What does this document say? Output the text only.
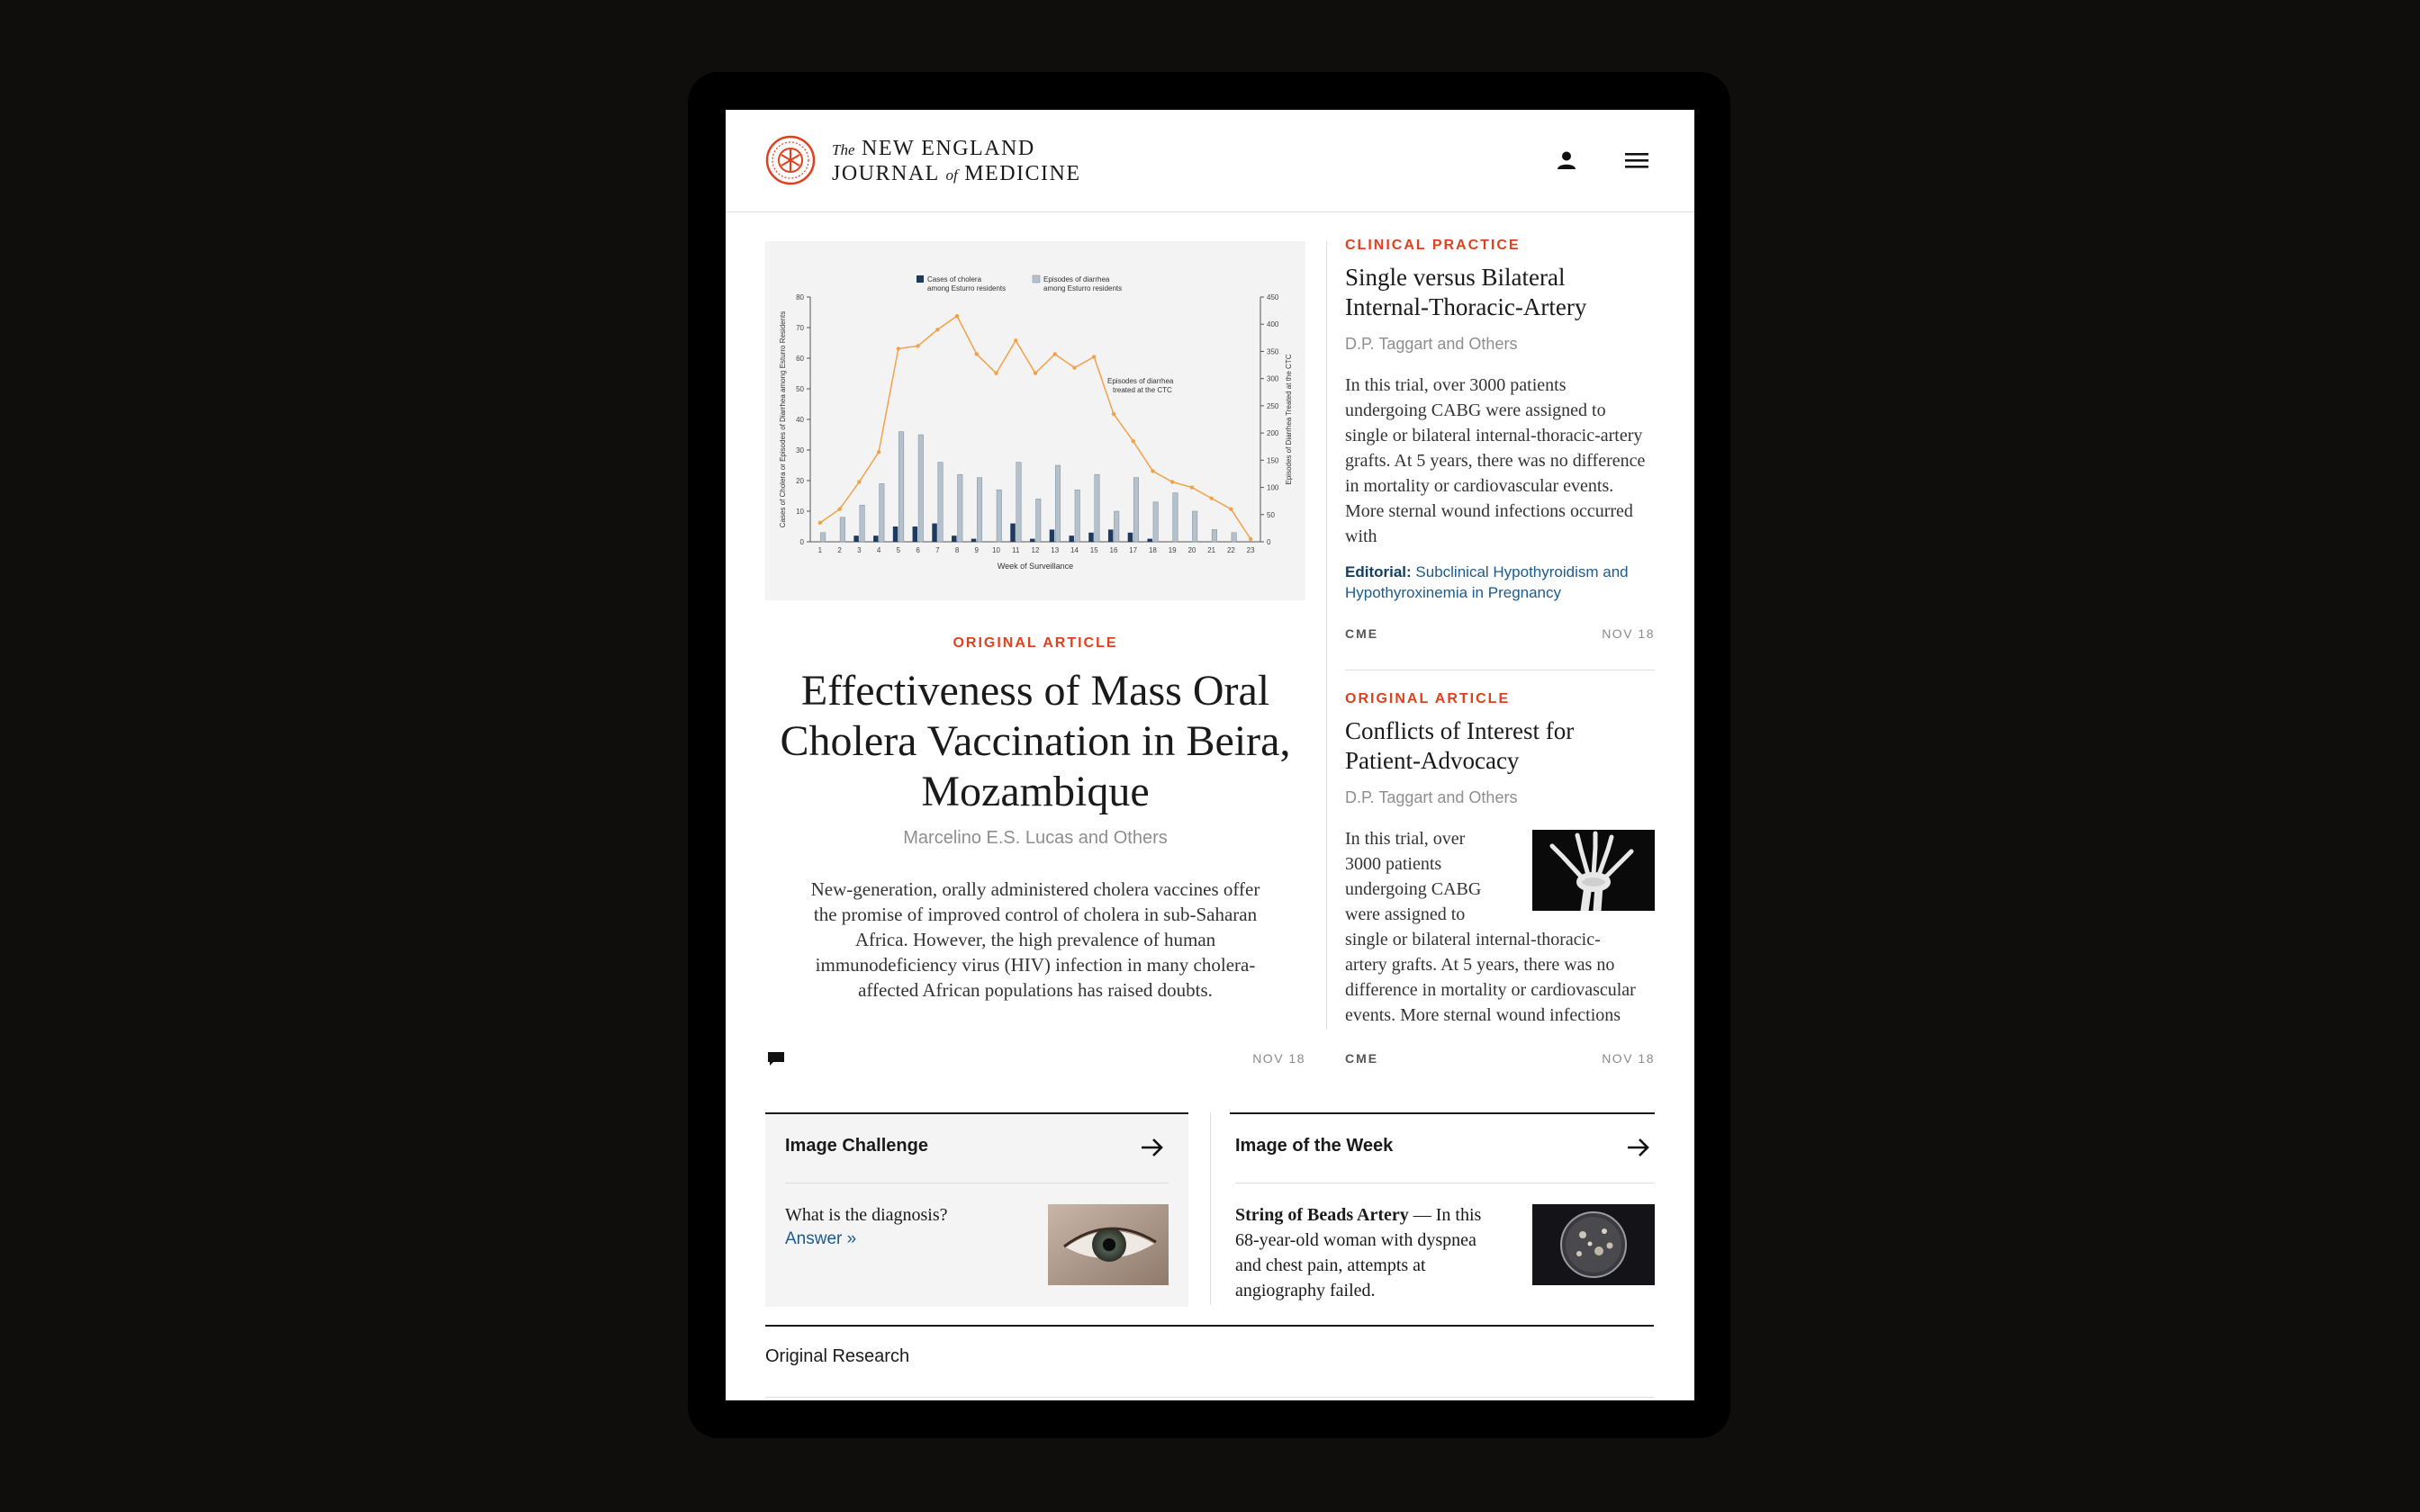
The NEW ENGLAND
JOURNAL of MEDICINE
0
10
20
30
40
50
60
70
80
0
50
100
150
200
250
300
350
400
450
1 2 3 4 5 6 7 8 9 10 11 12 13 14 15 16 17 18 19 20 21 22 23
Cases of cholera
among Esturro residents
Episodes of diarrhea
among Esturro residents
Episodes of diarrhea
treated at the CTC
Week of Surveillance
Cases of Cholera or Episodes of Diarrhea among Esturro Residents	Episodes of Diarrhea Treated at the CTC
ORIGINAL ARTICLE
Effectiveness of Mass Oral Cholera Vaccination in Beira, Mozambique
Marcelino E.S. Lucas and Others
New-generation, orally administered cholera vaccines offer the promise of improved control of cholera in sub-Saharan Africa. However, the high prevalence of human immunodeficiency virus (HIV) infection in many cholera-affected African populations has raised doubts.
NOV 18
CLINICAL PRACTICE
Single versus Bilateral Internal-Thoracic-Artery
D.P. Taggart and Others
In this trial, over 3000 patients undergoing CABG were assigned to single or bilateral internal-thoracic-artery grafts. At 5 years, there was no difference in mortality or cardiovascular events. More sternal wound infections occurred with
Editorial: Subclinical Hypothyroidism and Hypothyroxinemia in Pregnancy
CME	NOV 18
ORIGINAL ARTICLE
Conflicts of Interest for Patient-Advocacy
D.P. Taggart and Others
In this trial, over
3000 patients
undergoing CABG
were assigned to
single or bilateral internal-thoracic-
artery grafts. At 5 years, there was no
difference in mortality or cardiovascular
events. More sternal wound infections
CME	NOV 18
Image Challenge
What is the diagnosis?
Answer »
Image of the Week
String of Beads Artery — In this
68-year-old woman with dyspnea
and chest pain, attempts at
angiography failed.
Original Research
